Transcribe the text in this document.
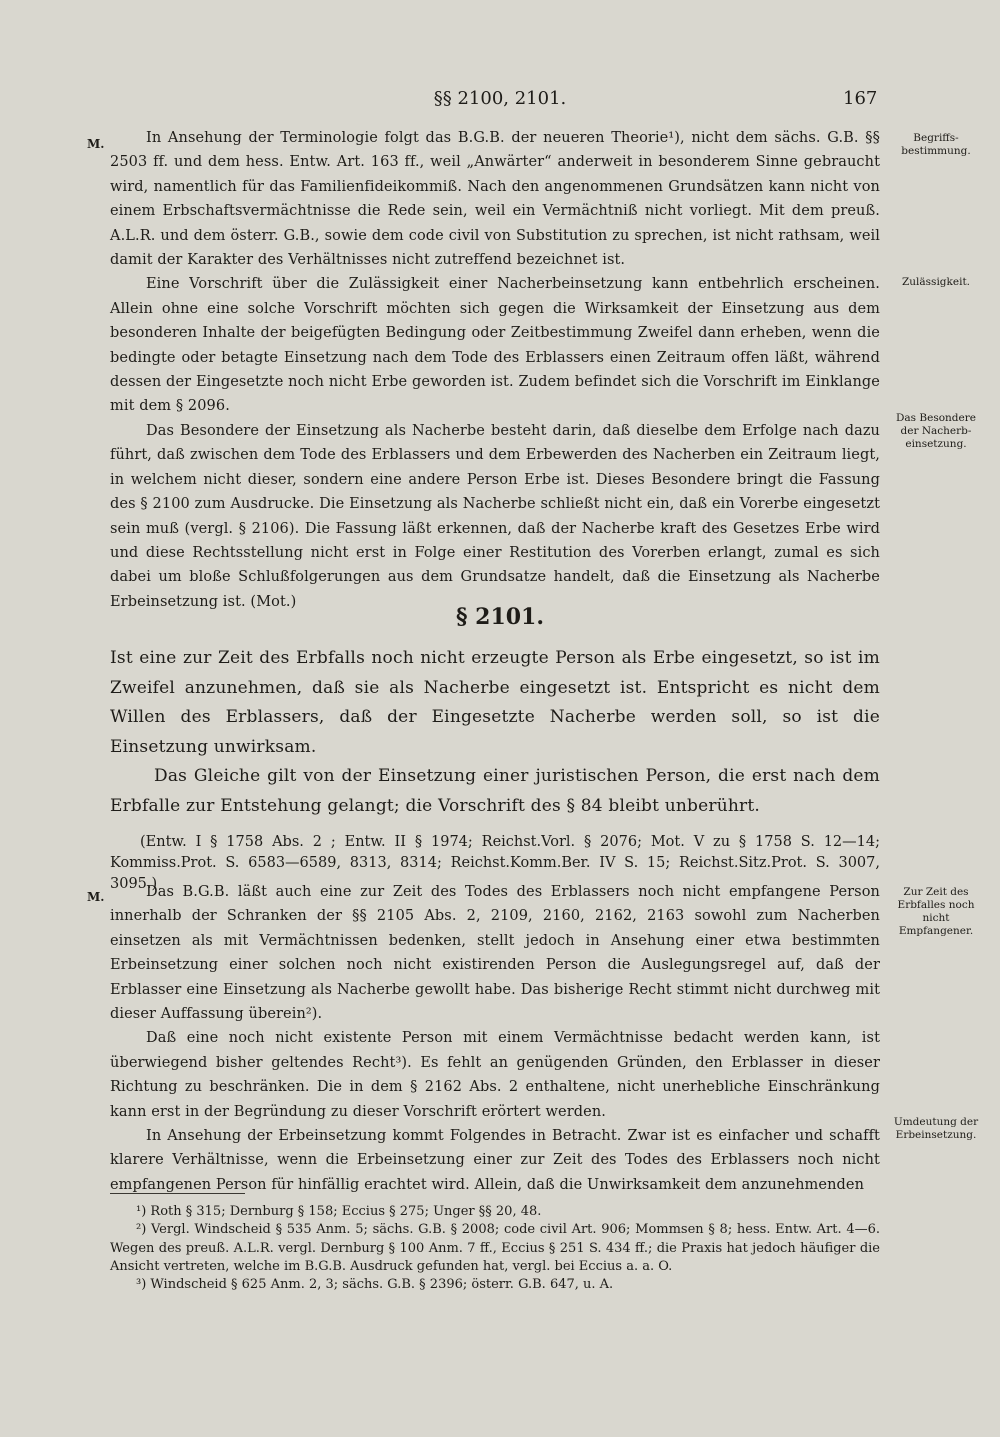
§§ 2100, 2101.	167
M.
M.
Begriffs-bestimmung.
Zulässigkeit.
Das Besondere der Nacherb-einsetzung.
Zur Zeit des Erbfalles noch nicht Empfangener.
Umdeutung der Erbeinsetzung.

In Ansehung der Terminologie folgt das B.G.B. der neueren Theorie¹), nicht dem sächs. G.B. §§ 2503 ff. und dem hess. Entw. Art. 163 ff., weil „Anwärter“ anderweit in besonderem Sinne gebraucht wird, namentlich für das Familienfideikommiß. Nach den angenommenen Grundsätzen kann nicht von einem Erbschaftsvermächtnisse die Rede sein, weil ein Vermächtniß nicht vorliegt. Mit dem preuß. A.L.R. und dem österr. G.B., sowie dem code civil von Substitution zu sprechen, ist nicht rathsam, weil damit der Karakter des Verhältnisses nicht zutreffend bezeichnet ist.

Eine Vorschrift über die Zulässigkeit einer Nacherbeinsetzung kann entbehrlich erscheinen. Allein ohne eine solche Vorschrift möchten sich gegen die Wirksamkeit der Einsetzung aus dem besonderen Inhalte der beigefügten Bedingung oder Zeitbestimmung Zweifel dann erheben, wenn die bedingte oder betagte Einsetzung nach dem Tode des Erblassers einen Zeitraum offen läßt, während dessen der Eingesetzte noch nicht Erbe geworden ist. Zudem befindet sich die Vorschrift im Einklange mit dem § 2096.

Das Besondere der Einsetzung als Nacherbe besteht darin, daß dieselbe dem Erfolge nach dazu führt, daß zwischen dem Tode des Erblassers und dem Erbewerden des Nacherben ein Zeitraum liegt, in welchem nicht dieser, sondern eine andere Person Erbe ist. Dieses Besondere bringt die Fassung des § 2100 zum Ausdrucke. Die Einsetzung als Nacherbe schließt nicht ein, daß ein Vorerbe eingesetzt sein muß (vergl. § 2106). Die Fassung läßt erkennen, daß der Nacherbe kraft des Gesetzes Erbe wird und diese Rechtsstellung nicht erst in Folge einer Restitution des Vorerben erlangt, zumal es sich dabei um bloße Schlußfolgerungen aus dem Grundsatze handelt, daß die Einsetzung als Nacherbe Erbeinsetzung ist. (Mot.)

§ 2101.

Ist eine zur Zeit des Erbfalls noch nicht erzeugte Person als Erbe eingesetzt, so ist im Zweifel anzunehmen, daß sie als Nacherbe eingesetzt ist. Entspricht es nicht dem Willen des Erblassers, daß der Eingesetzte Nacherbe werden soll, so ist die Einsetzung unwirksam.

Das Gleiche gilt von der Einsetzung einer juristischen Person, die erst nach dem Erbfalle zur Entstehung gelangt; die Vorschrift des § 84 bleibt unberührt.

(Entw. I § 1758 Abs. 2 ; Entw. II § 1974; Reichst.Vorl. § 2076; Mot. V zu § 1758 S. 12—14; Kommiss.Prot. S. 6583—6589, 8313, 8314; Reichst.Komm.Ber. IV S. 15; Reichst.Sitz.Prot. S. 3007, 3095.)

Das B.G.B. läßt auch eine zur Zeit des Todes des Erblassers noch nicht empfangene Person innerhalb der Schranken der §§ 2105 Abs. 2, 2109, 2160, 2162, 2163 sowohl zum Nacherben einsetzen als mit Vermächtnissen bedenken, stellt jedoch in Ansehung einer etwa bestimmten Erbeinsetzung einer solchen noch nicht existirenden Person die Auslegungsregel auf, daß der Erblasser eine Einsetzung als Nacherbe gewollt habe. Das bisherige Recht stimmt nicht durchweg mit dieser Auffassung überein²).

Daß eine noch nicht existente Person mit einem Vermächtnisse bedacht werden kann, ist überwiegend bisher geltendes Recht³). Es fehlt an genügenden Gründen, den Erblasser in dieser Richtung zu beschränken. Die in dem § 2162 Abs. 2 enthaltene, nicht unerhebliche Einschränkung kann erst in der Begründung zu dieser Vorschrift erörtert werden.

In Ansehung der Erbeinsetzung kommt Folgendes in Betracht. Zwar ist es einfacher und schafft klarere Verhältnisse, wenn die Erbeinsetzung einer zur Zeit des Todes des Erblassers noch nicht empfangenen Person für hinfällig erachtet wird. Allein, daß die Unwirksamkeit dem anzunehmenden

¹) Roth § 315; Dernburg § 158; Eccius § 275; Unger §§ 20, 48.

²) Vergl. Windscheid § 535 Anm. 5; sächs. G.B. § 2008; code civil Art. 906; Mommsen § 8; hess. Entw. Art. 4—6. Wegen des preuß. A.L.R. vergl. Dernburg § 100 Anm. 7 ff., Eccius § 251 S. 434 ff.; die Praxis hat jedoch häufiger die Ansicht vertreten, welche im B.G.B. Ausdruck gefunden hat, vergl. bei Eccius a. a. O.

³) Windscheid § 625 Anm. 2, 3; sächs. G.B. § 2396; österr. G.B. 647, u. A.
